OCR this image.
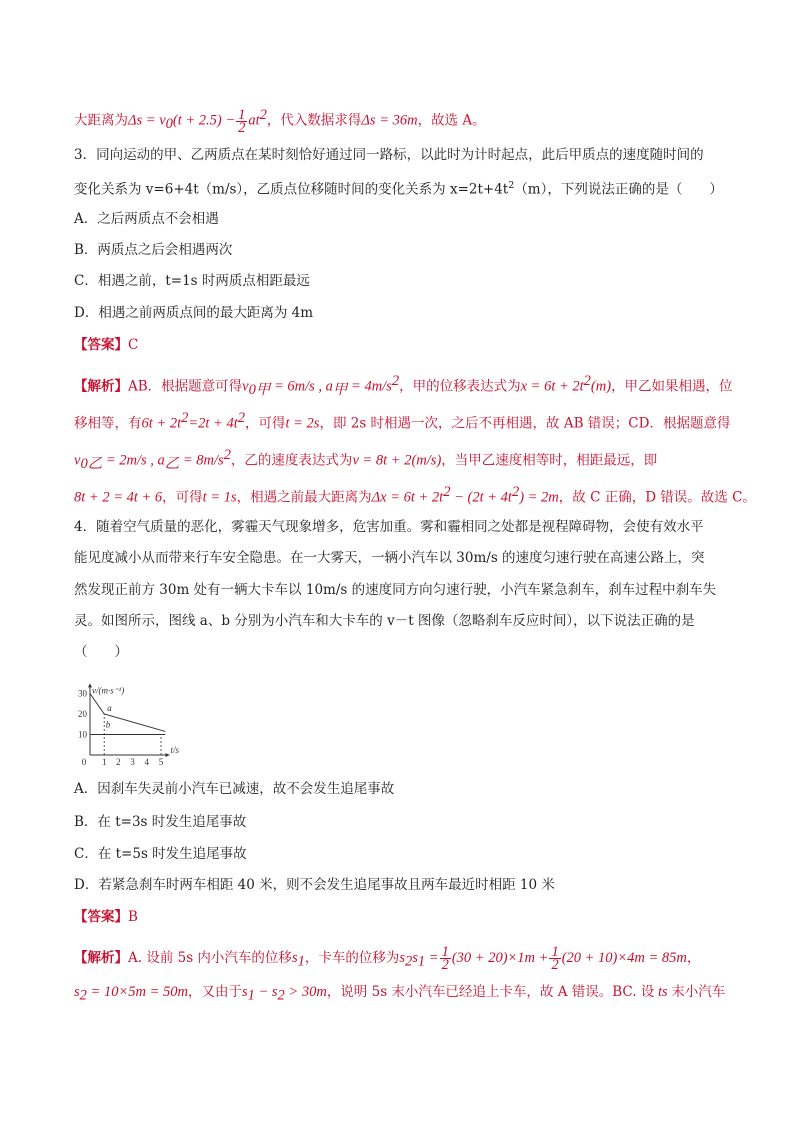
大距离为$\Delta s = v_0(t + 2.5) - \frac{1}{2} at^2$，代入数据求得Δs = 36m，故选 A。
3．同向运动的甲、乙两质点在某时刻恰好通过同一路标，以此时为计时起点，此后甲质点的速度随时间的
变化关系为 v=6+4t（m/s），乙质点位移随时间的变化关系为 $x=2t+4t^2(m)$，下列说法正确的是（　　）
A．之后两质点不会相遇
B．两质点之后会相遇两次
C．相遇之前，t=1s 时两质点相距最远
D．相遇之前两质点间的最大距离为 4m
【答案】C
【解析】AB．根据题意可得$v_{0甲} = 6m/s$ , $a_甲 = 4m/s^2$，甲的位移表达式为$x = 6t + 2t^2(m)$，甲乙如果相遇，位
移相等，有$6t + 2t^2=2t + 4t^2$，可得t = 2s，即 2s 时相遇一次，之后不再相遇，故 AB 错误；CD．根据题意得
$v_{0乙} = 2m/s$ , $a_乙 = 8m/s^2$，乙的速度表达式为v = 8t + 2(m/s)，当甲乙速度相等时，相距最远，即
8t + 2 = 4t + 6，可得t = 1s，相遇之前最大距离为$\Delta x = 6t + 2t^2 - (2t + 4t^2) = 2m$，故 C 正确，D 错误。故选 C。
4．随着空气质量的恶化，雾霾天气现象增多，危害加重。雾和霾相同之处都是视程障碍物，会使有效水平
能见度减小从而带来行车安全隐患。在一大雾天，一辆小汽车以 30m/s 的速度匀速行驶在高速公路上，突
然发现正前方 30m 处有一辆大卡车以 10m/s 的速度同方向匀速行驶，小汽车紧急刹车，刹车过程中刹车失
灵。如图所示，图线 a、b 分别为小汽车和大卡车的 v－t 图像（忽略刹车反应时间），以下说法正确的是
（　　）
0 1 2 3 4 5
10
20
30 v/(m·s⁻¹)
t/s
a
b
A．因刹车失灵前小汽车已减速，故不会发生追尾事故
B．在 t=3s 时发生追尾事故
C．在 t=5s 时发生追尾事故
D．若紧急刹车时两车相距 40 米，则不会发生追尾事故且两车最近时相距 10 米
【答案】B
【解析】A. 设前 5s 内小汽车的位移$s_1$，卡车的位移为$s_2s_1 = \frac{1}{2} (30 + 20)\times 1m + \frac{1}{2} (20 + 10)\times 4m = 85m$，
$s_2 = 10\times 5m = 50m$，又由于$s_1 - s_2 > 30m$，说明 5s 末小汽车已经追上卡车，故 A 错误。BC. 设 ts 末小汽车
